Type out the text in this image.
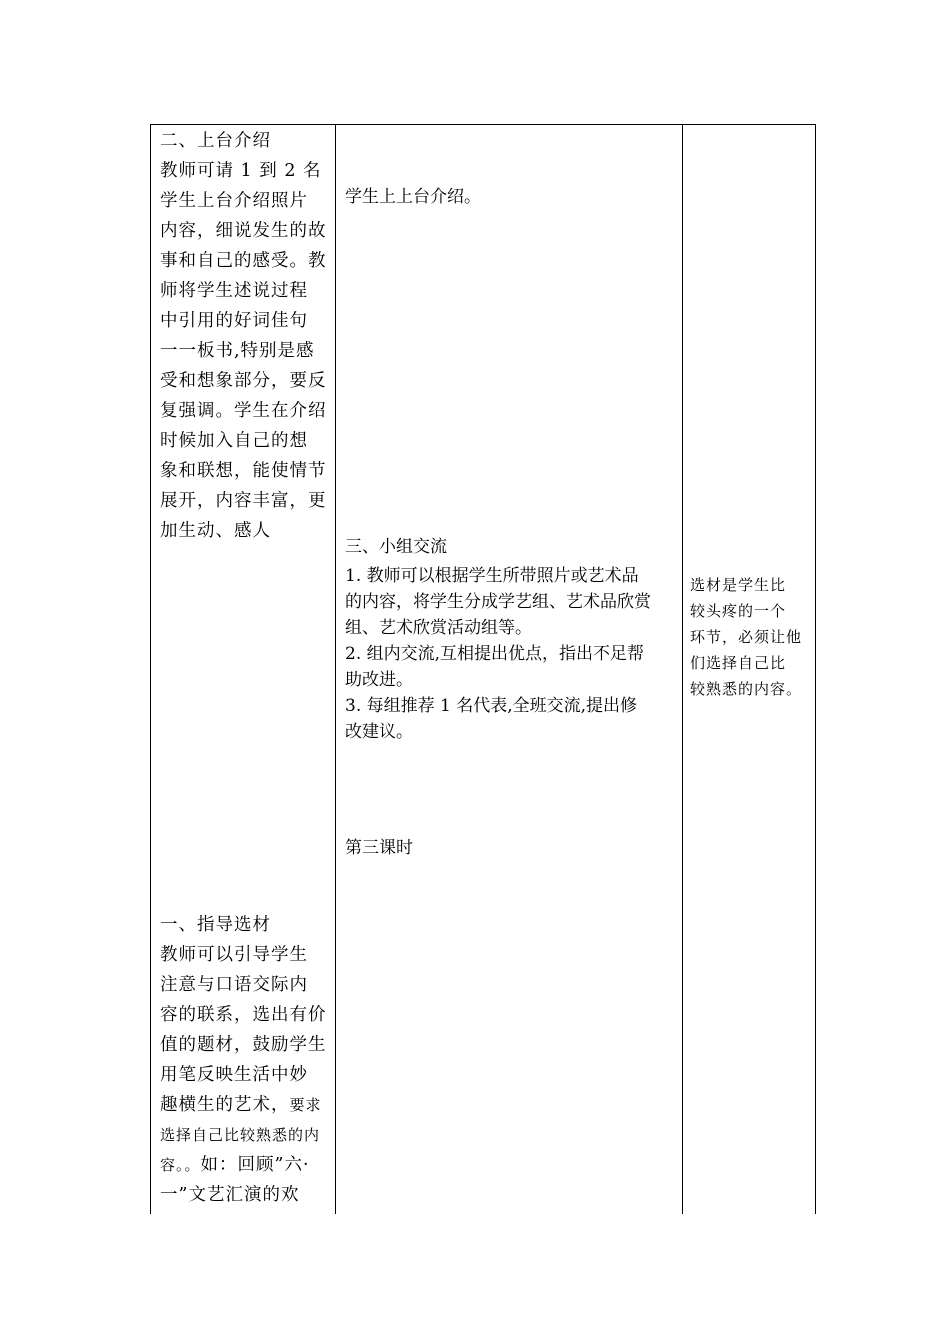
二、上台介绍
教师可请 1 到 2 名
学生上台介绍照片
内容，细说发生的故
事和自己的感受。教
师将学生述说过程
中引用的好词佳句
一一板书,特别是感
受和想象部分，要反
复强调。学生在介绍
时候加入自己的想
象和联想，能使情节
展开，内容丰富，更
加生动、感人
一、指导选材
教师可以引导学生
注意与口语交际内
容的联系，选出有价
值的题材，鼓励学生
用笔反映生活中妙
趣横生的艺术，要求
选择自己比较熟悉的内
容。。如：回顾”六·
一”文艺汇演的欢
学生上上台介绍。
三、小组交流
1. 教师可以根据学生所带照片或艺术品
的内容，将学生分成学艺组、艺术品欣赏
组、艺术欣赏活动组等。
2. 组内交流,互相提出优点，指出不足帮
助改进。
3. 每组推荐 1 名代表,全班交流,提出修
改建议。
第三课时
选材是学生比
较头疼的一个
环节，必须让他
们选择自己比
较熟悉的内容。
